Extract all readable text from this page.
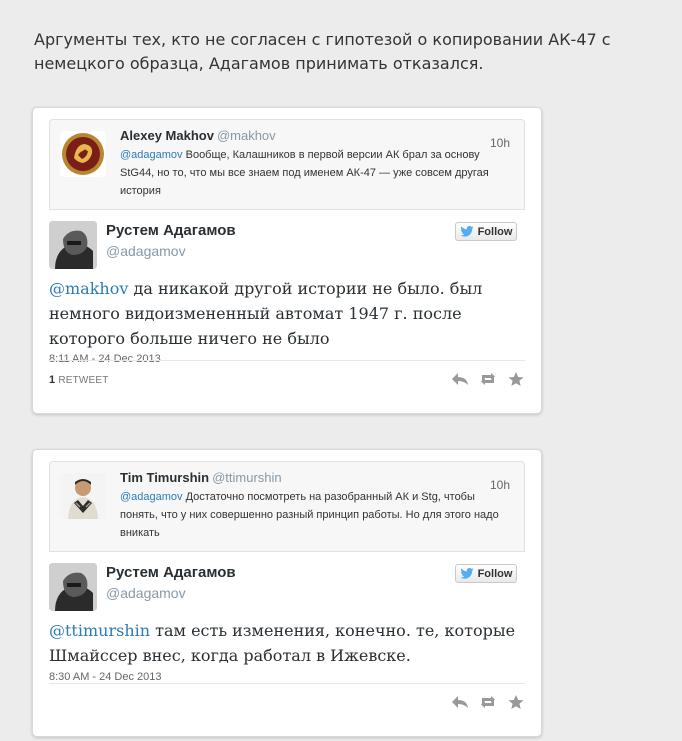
Аргументы тех, кто не согласен с гипотезой о копировании АК-47 с немецкого образца, Адагамов принимать отказался.
Alexey Makhov @makhov	10h
@adagamov Вообще, Калашников в первой версии АК брал за основу StG44, но то, что мы все знаем под именем АК-47 — уже совсем другая история
Рустем Адагамов
@adagamov
Follow
@makhov да никакой другой истории не было. был немного видоизмененный автомат 1947 г. после которого больше ничего не было
8:11 AM - 24 Dec 2013
1 RETWEET
Tim Timurshin @ttimurshin	10h
@adagamov Достаточно посмотреть на разобранный АК и Stg, чтобы понять, что у них совершенно разный принцип работы. Но для этого надо вникать
Рустем Адагамов
@adagamov
Follow
@ttimurshin там есть изменения, конечно. те, которые Шмайссер внес, когда работал в Ижевске.
8:30 AM - 24 Dec 2013
